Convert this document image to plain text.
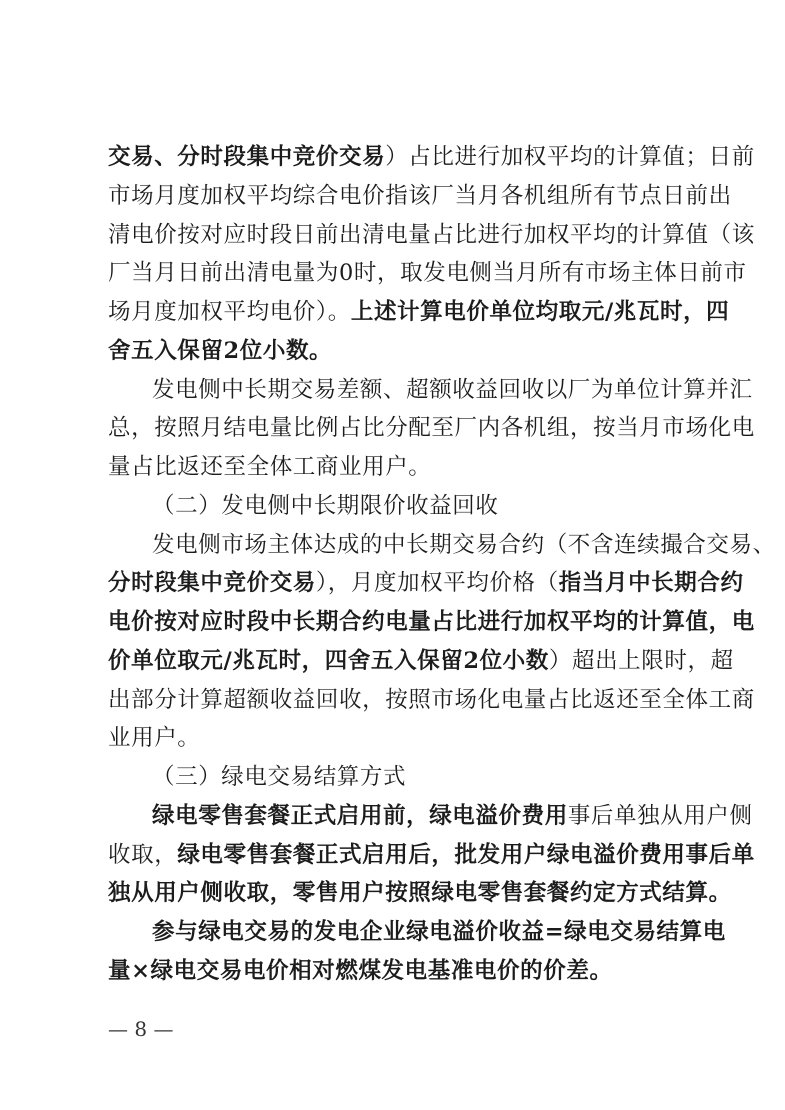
交易、分时段集中竞价交易）占比进行加权平均的计算值；日前
市场月度加权平均综合电价指该厂当月各机组所有节点日前出
清电价按对应时段日前出清电量占比进行加权平均的计算值（该
厂当月日前出清电量为0时，取发电侧当月所有市场主体日前市
场月度加权平均电价）。上述计算电价单位均取元/兆瓦时，四
舍五入保留2位小数。
发电侧中长期交易差额、超额收益回收以厂为单位计算并汇
总，按照月结电量比例占比分配至厂内各机组，按当月市场化电
量占比返还至全体工商业用户。
（二）发电侧中长期限价收益回收
发电侧市场主体达成的中长期交易合约（不含连续撮合交易、
分时段集中竞价交易），月度加权平均价格（指当月中长期合约
电价按对应时段中长期合约电量占比进行加权平均的计算值，电
价单位取元/兆瓦时，四舍五入保留2位小数）超出上限时，超
出部分计算超额收益回收，按照市场化电量占比返还至全体工商
业用户。
（三）绿电交易结算方式
绿电零售套餐正式启用前，绿电溢价费用事后单独从用户侧
收取，绿电零售套餐正式启用后，批发用户绿电溢价费用事后单
独从用户侧收取，零售用户按照绿电零售套餐约定方式结算。
参与绿电交易的发电企业绿电溢价收益=绿电交易结算电
量×绿电交易电价相对燃煤发电基准电价的价差。
— 8 —
